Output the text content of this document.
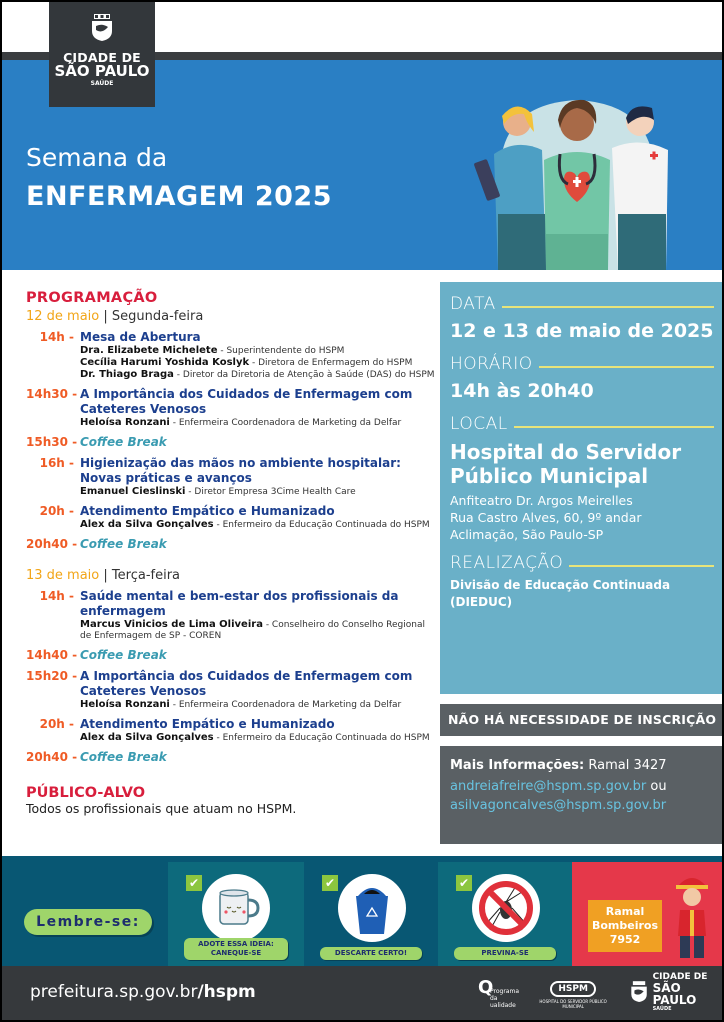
CIDADE DE
SÃO PAULO
SAÚDE
Semana da
ENFERMAGEM 2025
PROGRAMAÇÃO
12 de maio | Segunda-feira
14h - Mesa de Abertura
Dra. Elizabete Michelete - Superintendente do HSPM
Cecília Harumi Yoshida Koslyk - Diretora de Enfermagem do HSPM
Dr. Thiago Braga - Diretor da Diretoria de Atenção à Saúde (DAS) do HSPM
14h30 - A Importância dos Cuidados de Enfermagem com Cateteres Venosos
Heloísa Ronzani - Enfermeira Coordenadora de Marketing da Delfar
15h30 - Coffee Break
16h - Higienização das mãos no ambiente hospitalar: Novas práticas e avanços
Emanuel Cieslinski - Diretor Empresa 3Cime Health Care
20h - Atendimento Empático e Humanizado
Alex da Silva Gonçalves - Enfermeiro da Educação Continuada do HSPM
20h40 - Coffee Break
13 de maio | Terça-feira
14h - Saúde mental e bem-estar dos profissionais da enfermagem
Marcus Vinicios de Lima Oliveira - Conselheiro do Conselho Regional de Enfermagem de SP - COREN
14h40 - Coffee Break
15h20 - A Importância dos Cuidados de Enfermagem com Cateteres Venosos
Heloísa Ronzani - Enfermeira Coordenadora de Marketing da Delfar
20h - Atendimento Empático e Humanizado
Alex da Silva Gonçalves - Enfermeiro da Educação Continuada do HSPM
20h40 - Coffee Break
PÚBLICO-ALVO
Todos os profissionais que atuam no HSPM.
DATA
12 e 13 de maio de 2025
HORÁRIO
14h às 20h40
LOCAL
Hospital do Servidor
Público Municipal
Anfiteatro Dr. Argos Meirelles
Rua Castro Alves, 60, 9º andar
Aclimação, São Paulo-SP
REALIZAÇÃO
Divisão de Educação Continuada
(DIEDUC)
NÃO HÁ NECESSIDADE DE INSCRIÇÃO
Mais Informações: Ramal 3427
andreiafreire@hspm.sp.gov.br ou
asilvagoncalves@hspm.sp.gov.br
Lembre-se:
✔
ADOTE ESSA IDEIA: CANEQUE-SE
✔
DESCARTE CERTO!
✔
PREVINA-SE
Ramal
Bombeiros
7952
prefeitura.sp.gov.br/hspm	Q
Programa da ualidade
HSPM
HOSPITAL DO SERVIDOR PÚBLICO MUNICIPAL
CIDADE DE
SÃO PAULO
SAÚDE
